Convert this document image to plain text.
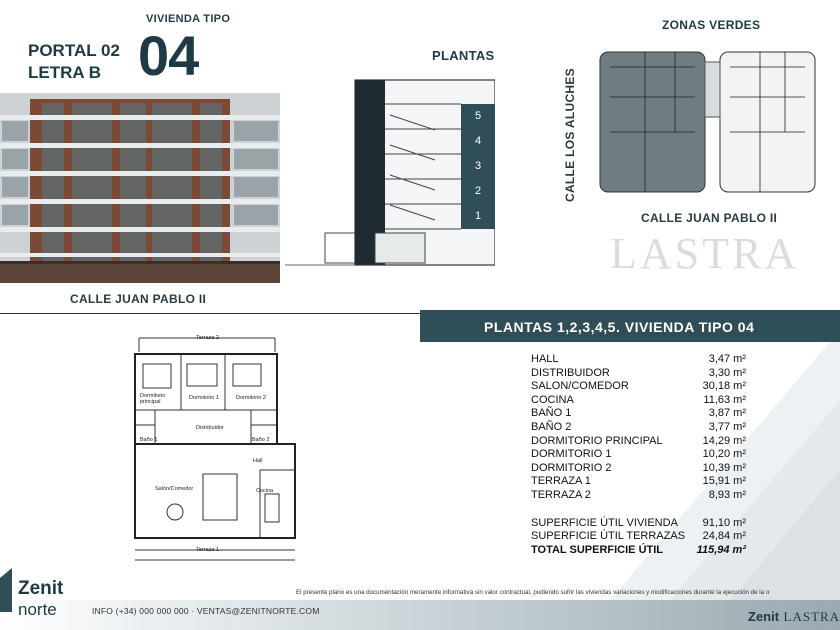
LASTRA
VIVIENDA TIPO
PORTAL 02
LETRA B 04	PLANTAS
ZONAS VERDES
CALLE JUAN PABLO II
5
4
3
2
1
CALLE LOS ALUCHES
CALLE JUAN PABLO II
PLANTAS 1,2,3,4,5. VIVIENDA TIPO 04
Terraza 2
Dormitorio principal
Dormitorio 1	Dormitorio 2
Distribuidor
Baño 1	Baño 2
Hall
Salón/Comedor	Cocina
Terraza 1
HALL	3,47 m²
DISTRIBUIDOR	3,30 m²
SALON/COMEDOR	30,18 m²
COCINA	11,63 m²
BAÑO 1	3,87 m²
BAÑO 2	3,77 m²
DORMITORIO PRINCIPAL	14,29 m²
DORMITORIO 1	10,20 m²
DORMITORIO 2	10,39 m²
TERRAZA 1	15,91 m²
TERRAZA 2	8,93 m²
SUPERFICIE ÚTIL VIVIENDA 91,10 m²
SUPERFICIE ÚTIL TERRAZAS 24,84 m²
TOTAL SUPERFICIE ÚTIL	115,94 m²
El presente plano es una documentación meramente informativa sin valor contractual, pudiendo sufrir las viviendas variaciones y modificaciones durante la ejecución de la o
Zenit
norte	INFO (+34) 000 000 000 · VENTAS@ZENITNORTE.COM	Zenit LASTRA
